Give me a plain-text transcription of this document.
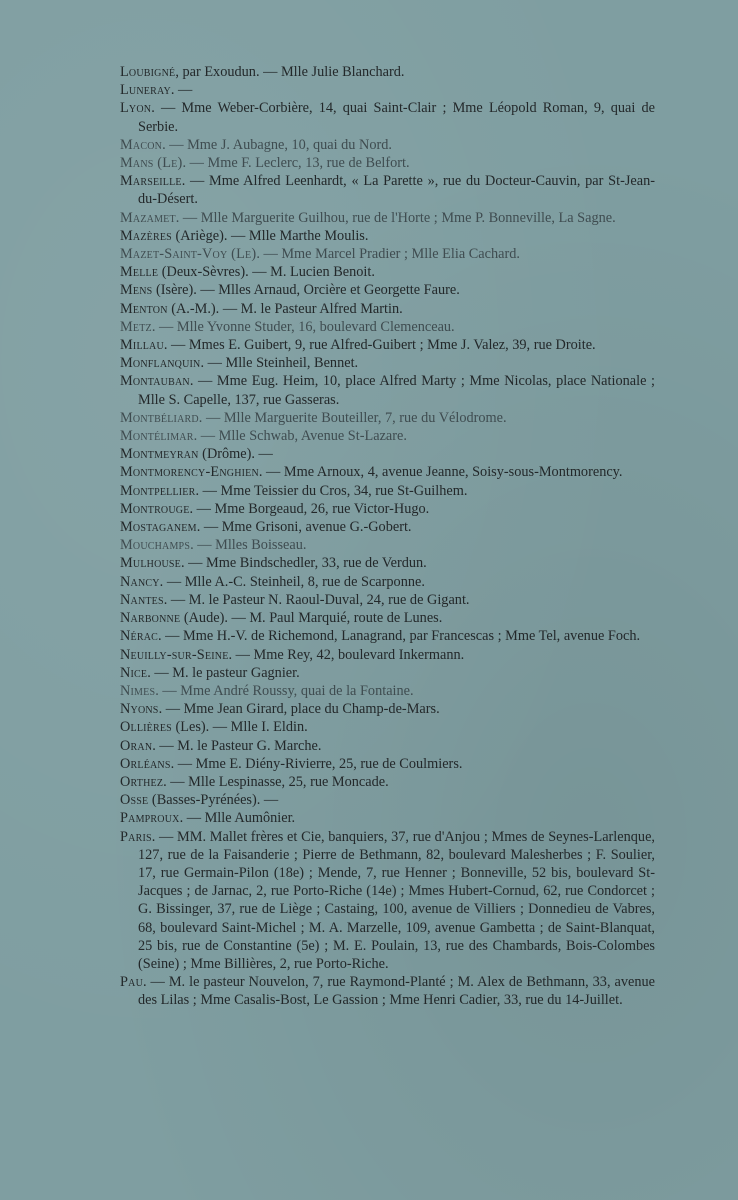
Loubigné, par Exoudun. — Mlle Julie Blanchard.

Luneray. —

Lyon. — Mme Weber-Corbière, 14, quai Saint-Clair ; Mme Léopold Roman, 9, quai de Serbie.

Macon. — Mme J. Aubagne, 10, quai du Nord.

Mans (Le). — Mme F. Leclerc, 13, rue de Belfort.

Marseille. — Mme Alfred Leenhardt, « La Parette », rue du Docteur-Cauvin, par St-Jean-du-Désert.

Mazamet. — Mlle Marguerite Guilhou, rue de l'Horte ; Mme P. Bonneville, La Sagne.

Mazères (Ariège). — Mlle Marthe Moulis.

Mazet-Saint-Voy (Le). — Mme Marcel Pradier ; Mlle Elia Cachard.

Melle (Deux-Sèvres). — M. Lucien Benoit.

Mens (Isère). — Mlles Arnaud, Orcière et Georgette Faure.

Menton (A.-M.). — M. le Pasteur Alfred Martin.

Metz. — Mlle Yvonne Studer, 16, boulevard Clemenceau.

Millau. — Mmes E. Guibert, 9, rue Alfred-Guibert ; Mme J. Valez, 39, rue Droite.

Monflanquin. — Mlle Steinheil, Bennet.

Montauban. — Mme Eug. Heim, 10, place Alfred Marty ; Mme Nicolas, place Nationale ; Mlle S. Capelle, 137, rue Gasseras.

Montbéliard. — Mlle Marguerite Bouteiller, 7, rue du Vélodrome.

Montélimar. — Mlle Schwab, Avenue St-Lazare.

Montmeyran (Drôme). —

Montmorency-Enghien. — Mme Arnoux, 4, avenue Jeanne, Soisy-sous-Montmorency.

Montpellier. — Mme Teissier du Cros, 34, rue St-Guilhem.

Montrouge. — Mme Borgeaud, 26, rue Victor-Hugo.

Mostaganem. — Mme Grisoni, avenue G.-Gobert.

Mouchamps. — Mlles Boisseau.

Mulhouse. — Mme Bindschedler, 33, rue de Verdun.

Nancy. — Mlle A.-C. Steinheil, 8, rue de Scarponne.

Nantes. — M. le Pasteur N. Raoul-Duval, 24, rue de Gigant.

Narbonne (Aude). — M. Paul Marquié, route de Lunes.

Nérac. — Mme H.-V. de Richemond, Lanagrand, par Francescas ; Mme Tel, avenue Foch.

Neuilly-sur-Seine. — Mme Rey, 42, boulevard Inkermann.

Nice. — M. le pasteur Gagnier.

Nimes. — Mme André Roussy, quai de la Fontaine.

Nyons. — Mme Jean Girard, place du Champ-de-Mars.

Ollières (Les). — Mlle I. Eldin.

Oran. — M. le Pasteur G. Marche.

Orléans. — Mme E. Diény-Rivierre, 25, rue de Coulmiers.

Orthez. — Mlle Lespinasse, 25, rue Moncade.

Osse (Basses-Pyrénées). —

Pamproux. — Mlle Aumônier.

Paris. — MM. Mallet frères et Cie, banquiers, 37, rue d'Anjou ; Mmes de Seynes-Larlenque, 127, rue de la Faisanderie ; Pierre de Bethmann, 82, boulevard Malesherbes ; F. Soulier, 17, rue Germain-Pilon (18e) ; Mende, 7, rue Henner ; Bonneville, 52 bis, boulevard St-Jacques ; de Jarnac, 2, rue Porto-Riche (14e) ; Mmes Hubert-Cornud, 62, rue Condorcet ; G. Bissinger, 37, rue de Liège ; Castaing, 100, avenue de Villiers ; Donnedieu de Vabres, 68, boulevard Saint-Michel ; M. A. Marzelle, 109, avenue Gambetta ; de Saint-Blanquat, 25 bis, rue de Constantine (5e) ; M. E. Poulain, 13, rue des Chambards, Bois-Colombes (Seine) ; Mme Billières, 2, rue Porto-Riche.

Pau. — M. le pasteur Nouvelon, 7, rue Raymond-Planté ; M. Alex de Bethmann, 33, avenue des Lilas ; Mme Casalis-Bost, Le Gassion ; Mme Henri Cadier, 33, rue du 14-Juillet.
